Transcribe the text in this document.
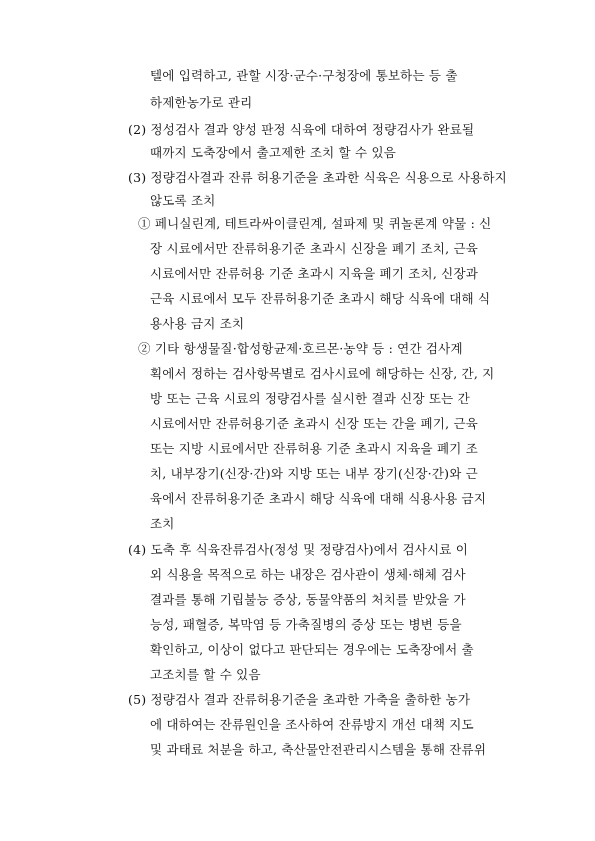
텔에 입력하고, 관할 시장·군수·구청장에 통보하는 등 출
하제한농가로 관리
(2) 정성검사 결과 양성 판정 식육에 대하여 정량검사가 완료될
때까지 도축장에서 출고제한 조치 할 수 있음
(3) 정량검사결과 잔류 허용기준을 초과한 식육은 식용으로 사용하지
않도록 조치
① 페니실린계, 테트라싸이클린계, 설파제 및 퀴놀론계 약물 : 신
장 시료에서만 잔류허용기준 초과시 신장을 폐기 조치, 근육
시료에서만 잔류허용 기준 초과시 지육을 폐기 조치, 신장과
근육 시료에서 모두 잔류허용기준 초과시 해당 식육에 대해 식
용사용 금지 조치
② 기타 항생물질·합성항균제·호르몬·농약 등 : 연간 검사계
획에서 정하는 검사항목별로 검사시료에 해당하는 신장, 간, 지
방 또는 근육 시료의 정량검사를 실시한 결과 신장 또는 간
시료에서만 잔류허용기준 초과시 신장 또는 간을 폐기, 근육
또는 지방 시료에서만 잔류허용 기준 초과시 지육을 폐기 조
치, 내부장기(신장·간)와 지방 또는 내부 장기(신장·간)와 근
육에서 잔류허용기준 초과시 해당 식육에 대해 식용사용 금지
조치
(4) 도축 후 식육잔류검사(정성 및 정량검사)에서 검사시료 이
외 식용을 목적으로 하는 내장은 검사관이 생체·해체 검사
결과를 통해 기립불능 증상, 동물약품의 처치를 받았을 가
능성, 패혈증, 복막염 등 가축질병의 증상 또는 병변 등을
확인하고, 이상이 없다고 판단되는 경우에는 도축장에서 출
고조치를 할 수 있음
(5) 정량검사 결과 잔류허용기준을 초과한 가축을 출하한 농가
에 대하여는 잔류원인을 조사하여 잔류방지 개선 대책 지도
및 과태료 처분을 하고, 축산물안전관리시스템을 통해 잔류위
